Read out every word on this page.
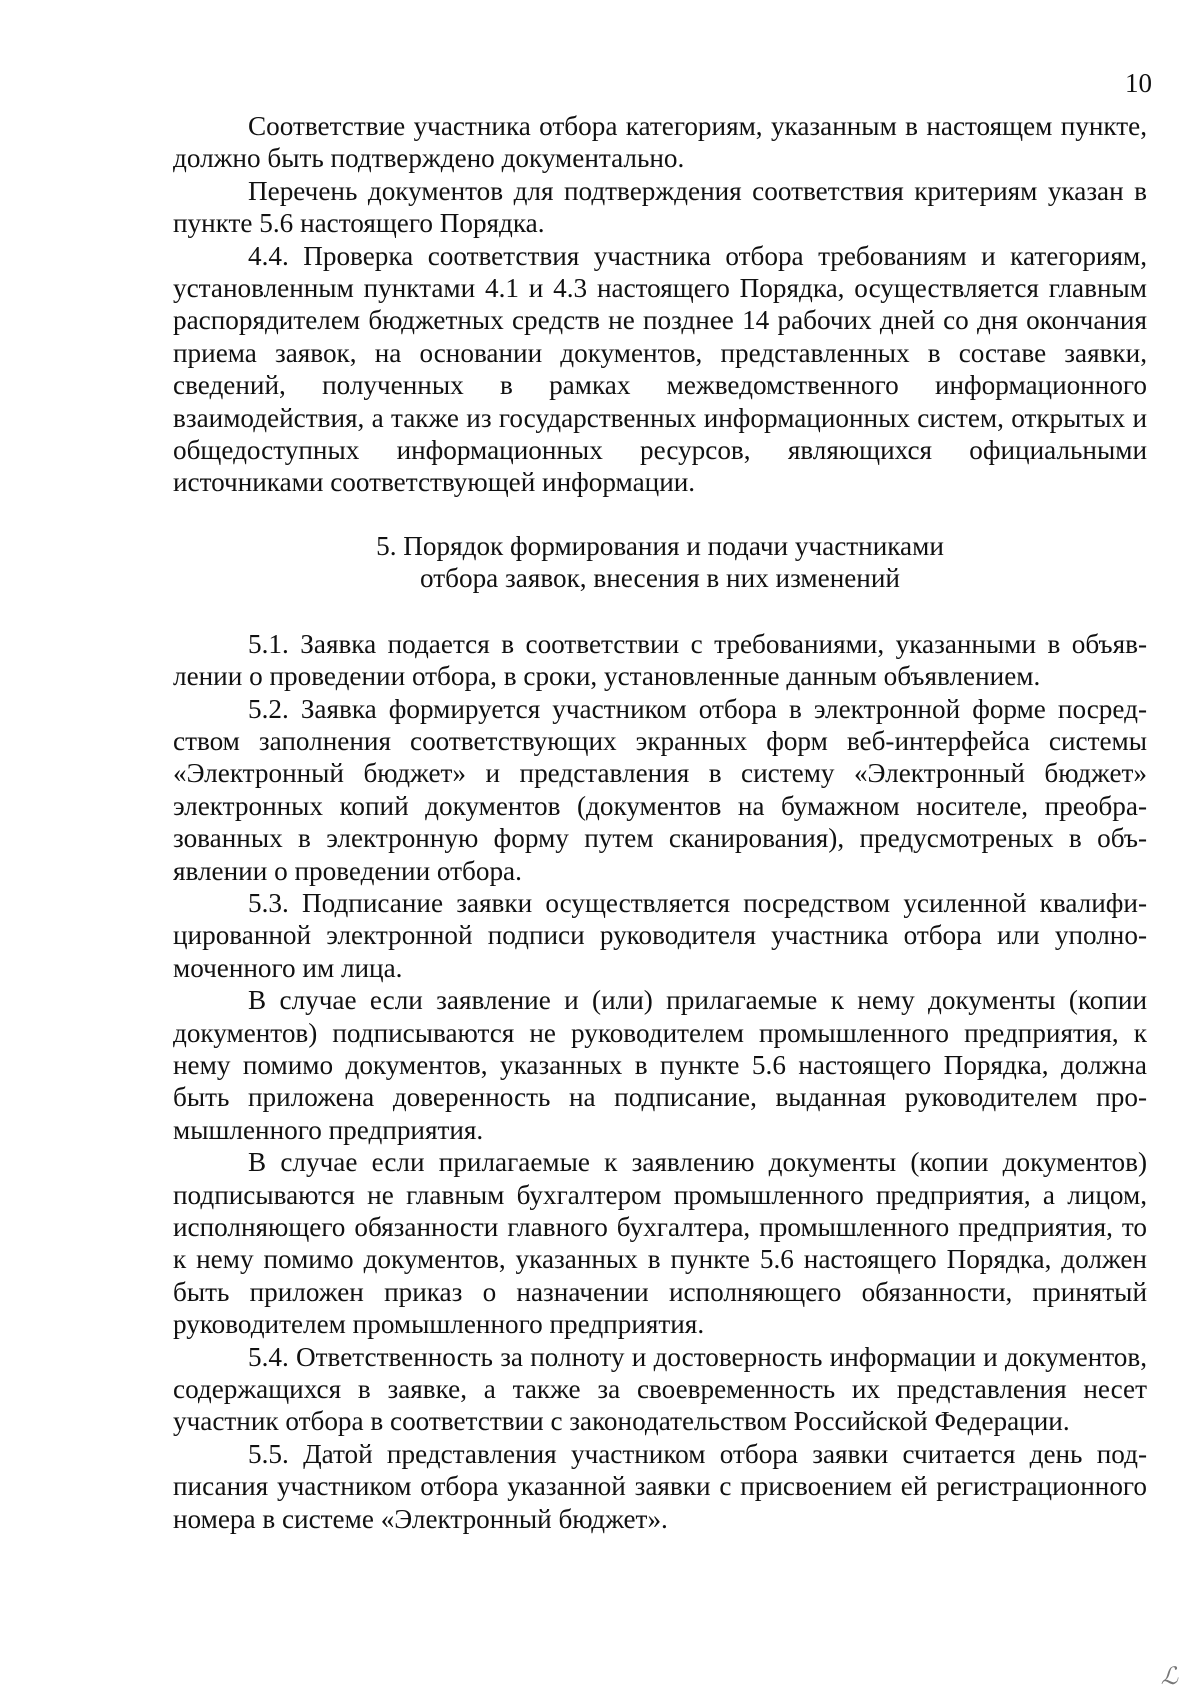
10

Соответствие участника отбора категориям, указанным в настоящем пункте, должно быть подтверждено документально.

Перечень документов для подтверждения соответствия критериям указан в пункте 5.6 настоящего Порядка.

4.4. Проверка соответствия участника отбора требованиям и категориям, установленным пунктами 4.1 и 4.3 настоящего Порядка, осуществляется главным распорядителем бюджетных средств не позднее 14 рабочих дней со дня окончания приема заявок, на основании документов, представленных в составе заявки, сведений, полученных в рамках межведомственного информационного взаимодействия, а также из государственных информационных систем, открытых и общедоступных информационных ресурсов, являющихся официальными источниками соответствующей информации.

5. Порядок формирования и подачи участниками
отбора заявок, внесения в них изменений

5.1. Заявка подается в соответствии с требованиями, указанными в объявлении о проведении отбора, в сроки, установленные данным объявлением.

5.2. Заявка формируется участником отбора в электронной форме посредством заполнения соответствующих экранных форм веб-интерфейса системы «Электронный бюджет» и представления в систему «Электронный бюджет» электронных копий документов (документов на бумажном носителе, преобразованных в электронную форму путем сканирования), предусмотреных в объявлении о проведении отбора.

5.3. Подписание заявки осуществляется посредством усиленной квалифицированной электронной подписи руководителя участника отбора или уполномоченного им лица.

В случае если заявление и (или) прилагаемые к нему документы (копии документов) подписываются не руководителем промышленного предприятия, к нему помимо документов, указанных в пункте 5.6 настоящего Порядка, должна быть приложена доверенность на подписание, выданная руководителем промышленного предприятия.

В случае если прилагаемые к заявлению документы (копии документов) подписываются не главным бухгалтером промышленного предприятия, а лицом, исполняющего обязанности главного бухгалтера, промышленного предприятия, то к нему помимо документов, указанных в пункте 5.6 настоящего Порядка, должен быть приложен приказ о назначении исполняющего обязанности, принятый руководителем промышленного предприятия.

5.4. Ответственность за полноту и достоверность информации и документов, содержащихся в заявке, а также за своевременность их представления несет участник отбора в соответствии с законодательством Российской Федерации.

5.5. Датой представления участником отбора заявки считается день подписания участником отбора указанной заявки с присвоением ей регистрационного номера в системе «Электронный бюджет».

ℒ
